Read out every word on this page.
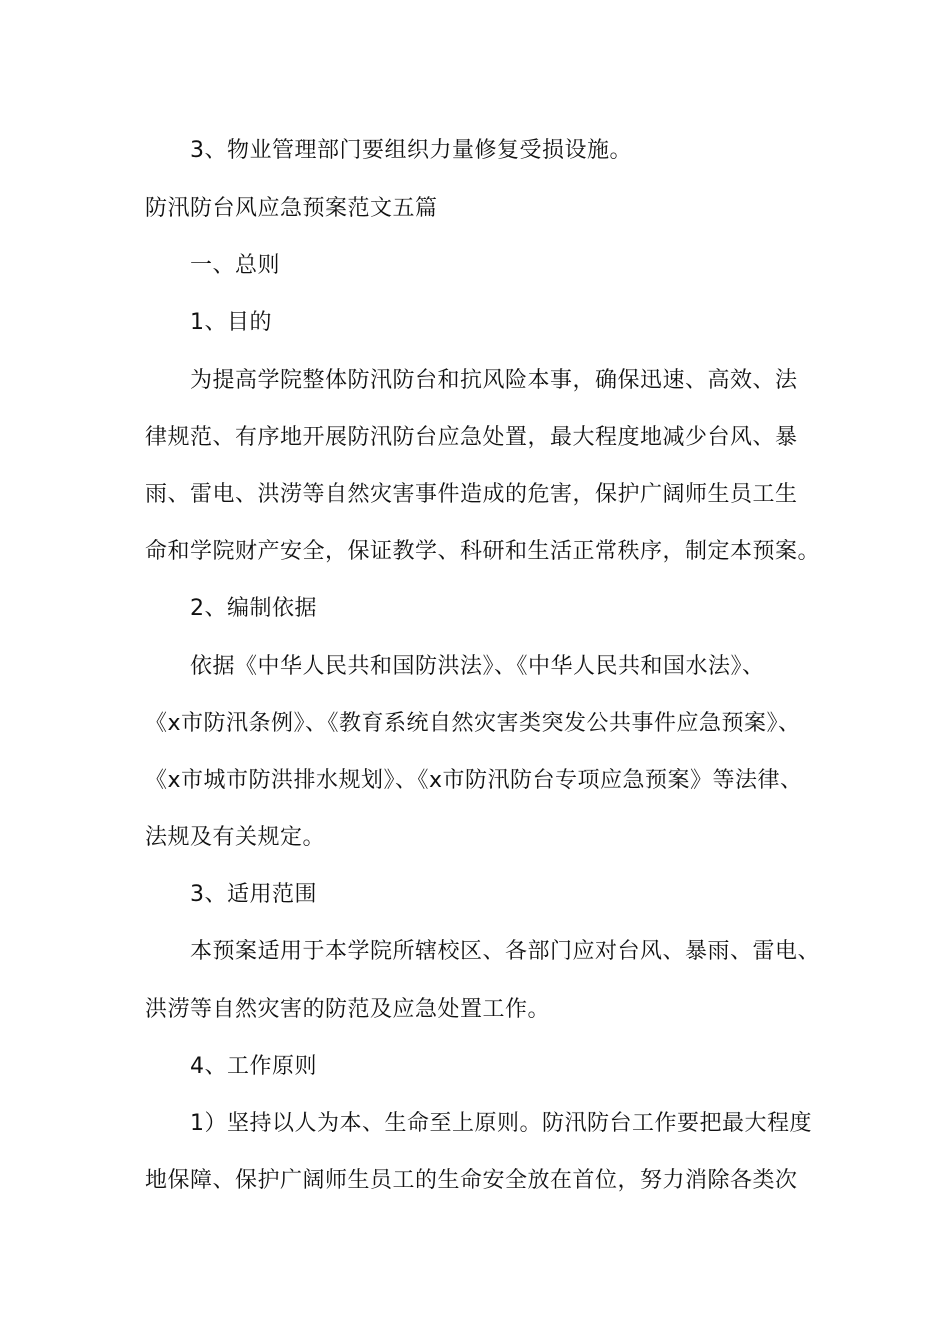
3、物业管理部门要组织力量修复受损设施。
防汛防台风应急预案范文五篇
一、总则
1、目的
为提高学院整体防汛防台和抗风险本事，确保迅速、高效、法
律规范、有序地开展防汛防台应急处置，最大程度地减少台风、暴
雨、雷电、洪涝等自然灾害事件造成的危害，保护广阔师生员工生
命和学院财产安全，保证教学、科研和生活正常秩序，制定本预案。
2、编制依据
依据《中华人民共和国防洪法》、《中华人民共和国水法》、
《x市防汛条例》、《教育系统自然灾害类突发公共事件应急预案》、
《x市城市防洪排水规划》、《x市防汛防台专项应急预案》等法律、
法规及有关规定。
3、适用范围
本预案适用于本学院所辖校区、各部门应对台风、暴雨、雷电、
洪涝等自然灾害的防范及应急处置工作。
4、工作原则
1）坚持以人为本、生命至上原则。防汛防台工作要把最大程度
地保障、保护广阔师生员工的生命安全放在首位，努力消除各类次
